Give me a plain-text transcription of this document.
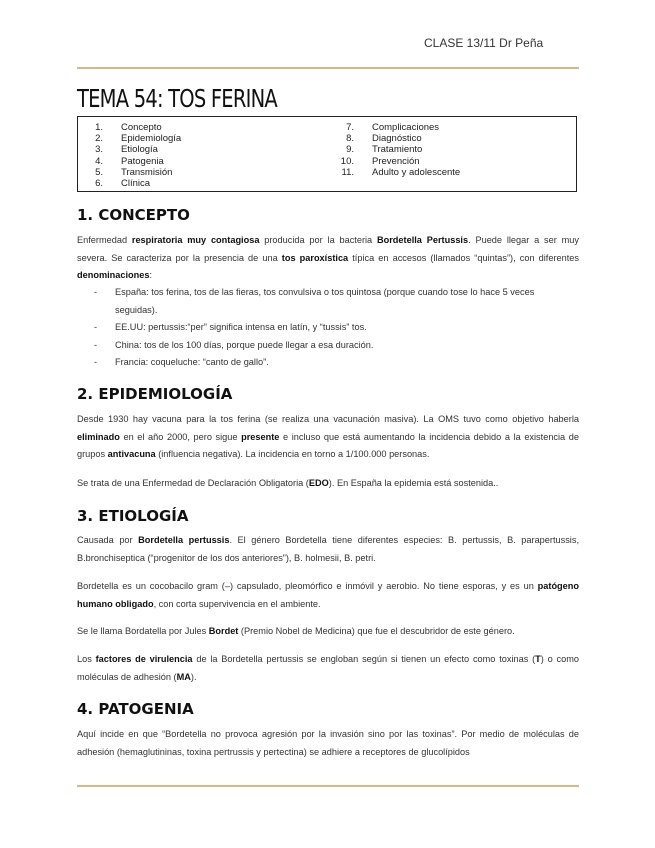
CLASE 13/11 Dr Peña
TEMA 54: TOS FERINA
1. Concepto
2. Epidemiología
3. Etiología
4. Patogenia
5. Transmisión
6. Clínica
7. Complicaciones
8. Diagnóstico
9. Tratamiento
10. Prevención
11. Adulto y adolescente
1. CONCEPTO

Enfermedad respiratoria muy contagiosa producida por la bacteria Bordetella Pertussis. Puede llegar a ser muy severa. Se caracteriza por la presencia de una tos paroxística típica en accesos (llamados “quintas”), con diferentes denominaciones:

- España: tos ferina, tos de las fieras, tos convulsiva o tos quintosa (porque cuando tose lo hace 5 veces seguidas).
- EE.UU: pertussis:“per” significa intensa en latín, y “tussis” tos.
- China: tos de los 100 días, porque puede llegar a esa duración.
- Francia: coqueluche: “canto de gallo”.
2. EPIDEMIOLOGÍA

Desde 1930 hay vacuna para la tos ferina (se realiza una vacunación masiva). La OMS tuvo como objetivo haberla eliminado en el año 2000, pero sigue presente e incluso que está aumentando la incidencia debido a la existencia de grupos antivacuna (influencia negativa). La incidencia en torno a 1/100.000 personas.

Se trata de una Enfermedad de Declaración Obligatoria (EDO). En España la epidemia está sostenida..

3. ETIOLOGÍA

Causada por Bordetella pertussis. El género Bordetella tiene diferentes especies: B. pertussis, B. parapertussis, B.bronchiseptica (“progenitor de los dos anteriores”), B. holmesii, B. petri.

Bordetella es un cocobacilo gram (–) capsulado, pleomórfico e inmóvil y aerobio. No tiene esporas, y es un patógeno humano obligado, con corta supervivencia en el ambiente.

Se le llama Bordatella por Jules Bordet (Premio Nobel de Medicina) que fue el descubridor de este género.

Los factores de virulencia de la Bordetella pertussis se engloban según si tienen un efecto como toxinas (T) o como moléculas de adhesión (MA).

4. PATOGENIA

Aquí incide en que “Bordetella no provoca agresión por la invasión sino por las toxinas”. Por medio de moléculas de adhesión (hemaglutininas, toxina pertrussis y pertectina) se adhiere a receptores de glucolípidos
